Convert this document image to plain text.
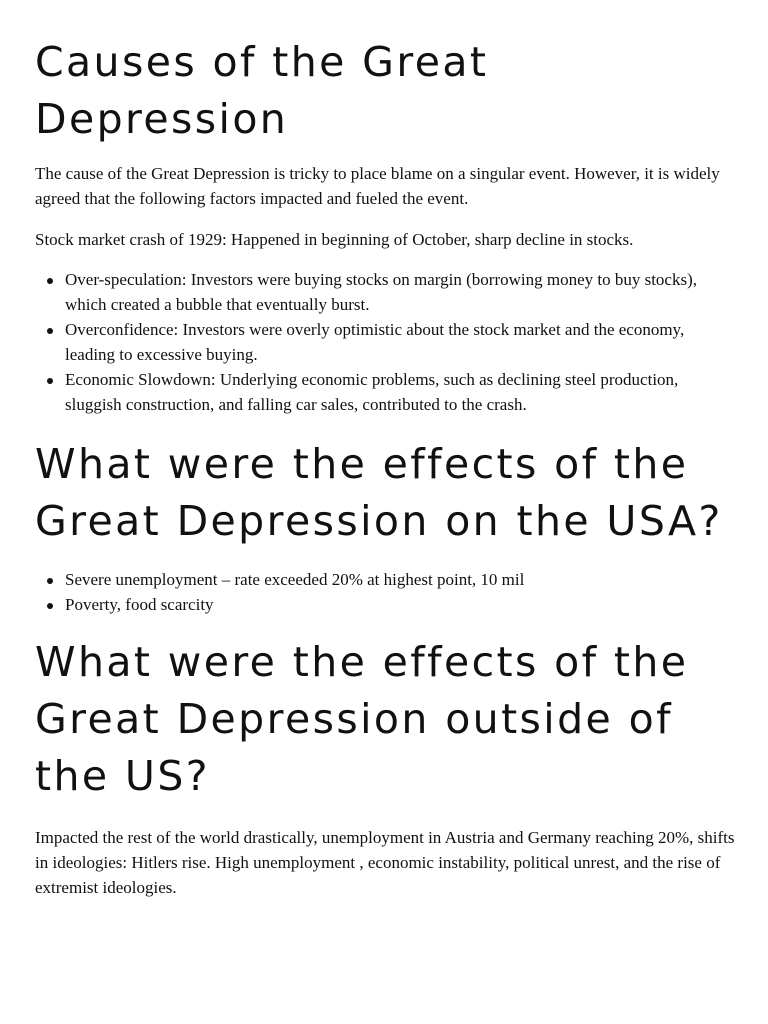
Causes of the Great Depression

The cause of the Great Depression is tricky to place blame on a singular event. However, it is widely agreed that the following factors impacted and fueled the event.

Stock market crash of 1929: Happened in beginning of October, sharp decline in stocks.

Over-speculation: Investors were buying stocks on margin (borrowing money to buy stocks), which created a bubble that eventually burst.
Overconfidence: Investors were overly optimistic about the stock market and the economy, leading to excessive buying.
Economic Slowdown: Underlying economic problems, such as declining steel production, sluggish construction, and falling car sales, contributed to the crash.
What were the effects of the Great Depression on the USA?
Severe unemployment – rate exceeded 20% at highest point, 10 mil
Poverty, food scarcity
What were the effects of the Great Depression outside of the US?

Impacted the rest of the world drastically, unemployment in Austria and Germany reaching 20%, shifts in ideologies: Hitlers rise. High unemployment , economic instability, political unrest, and the rise of extremist ideologies.
